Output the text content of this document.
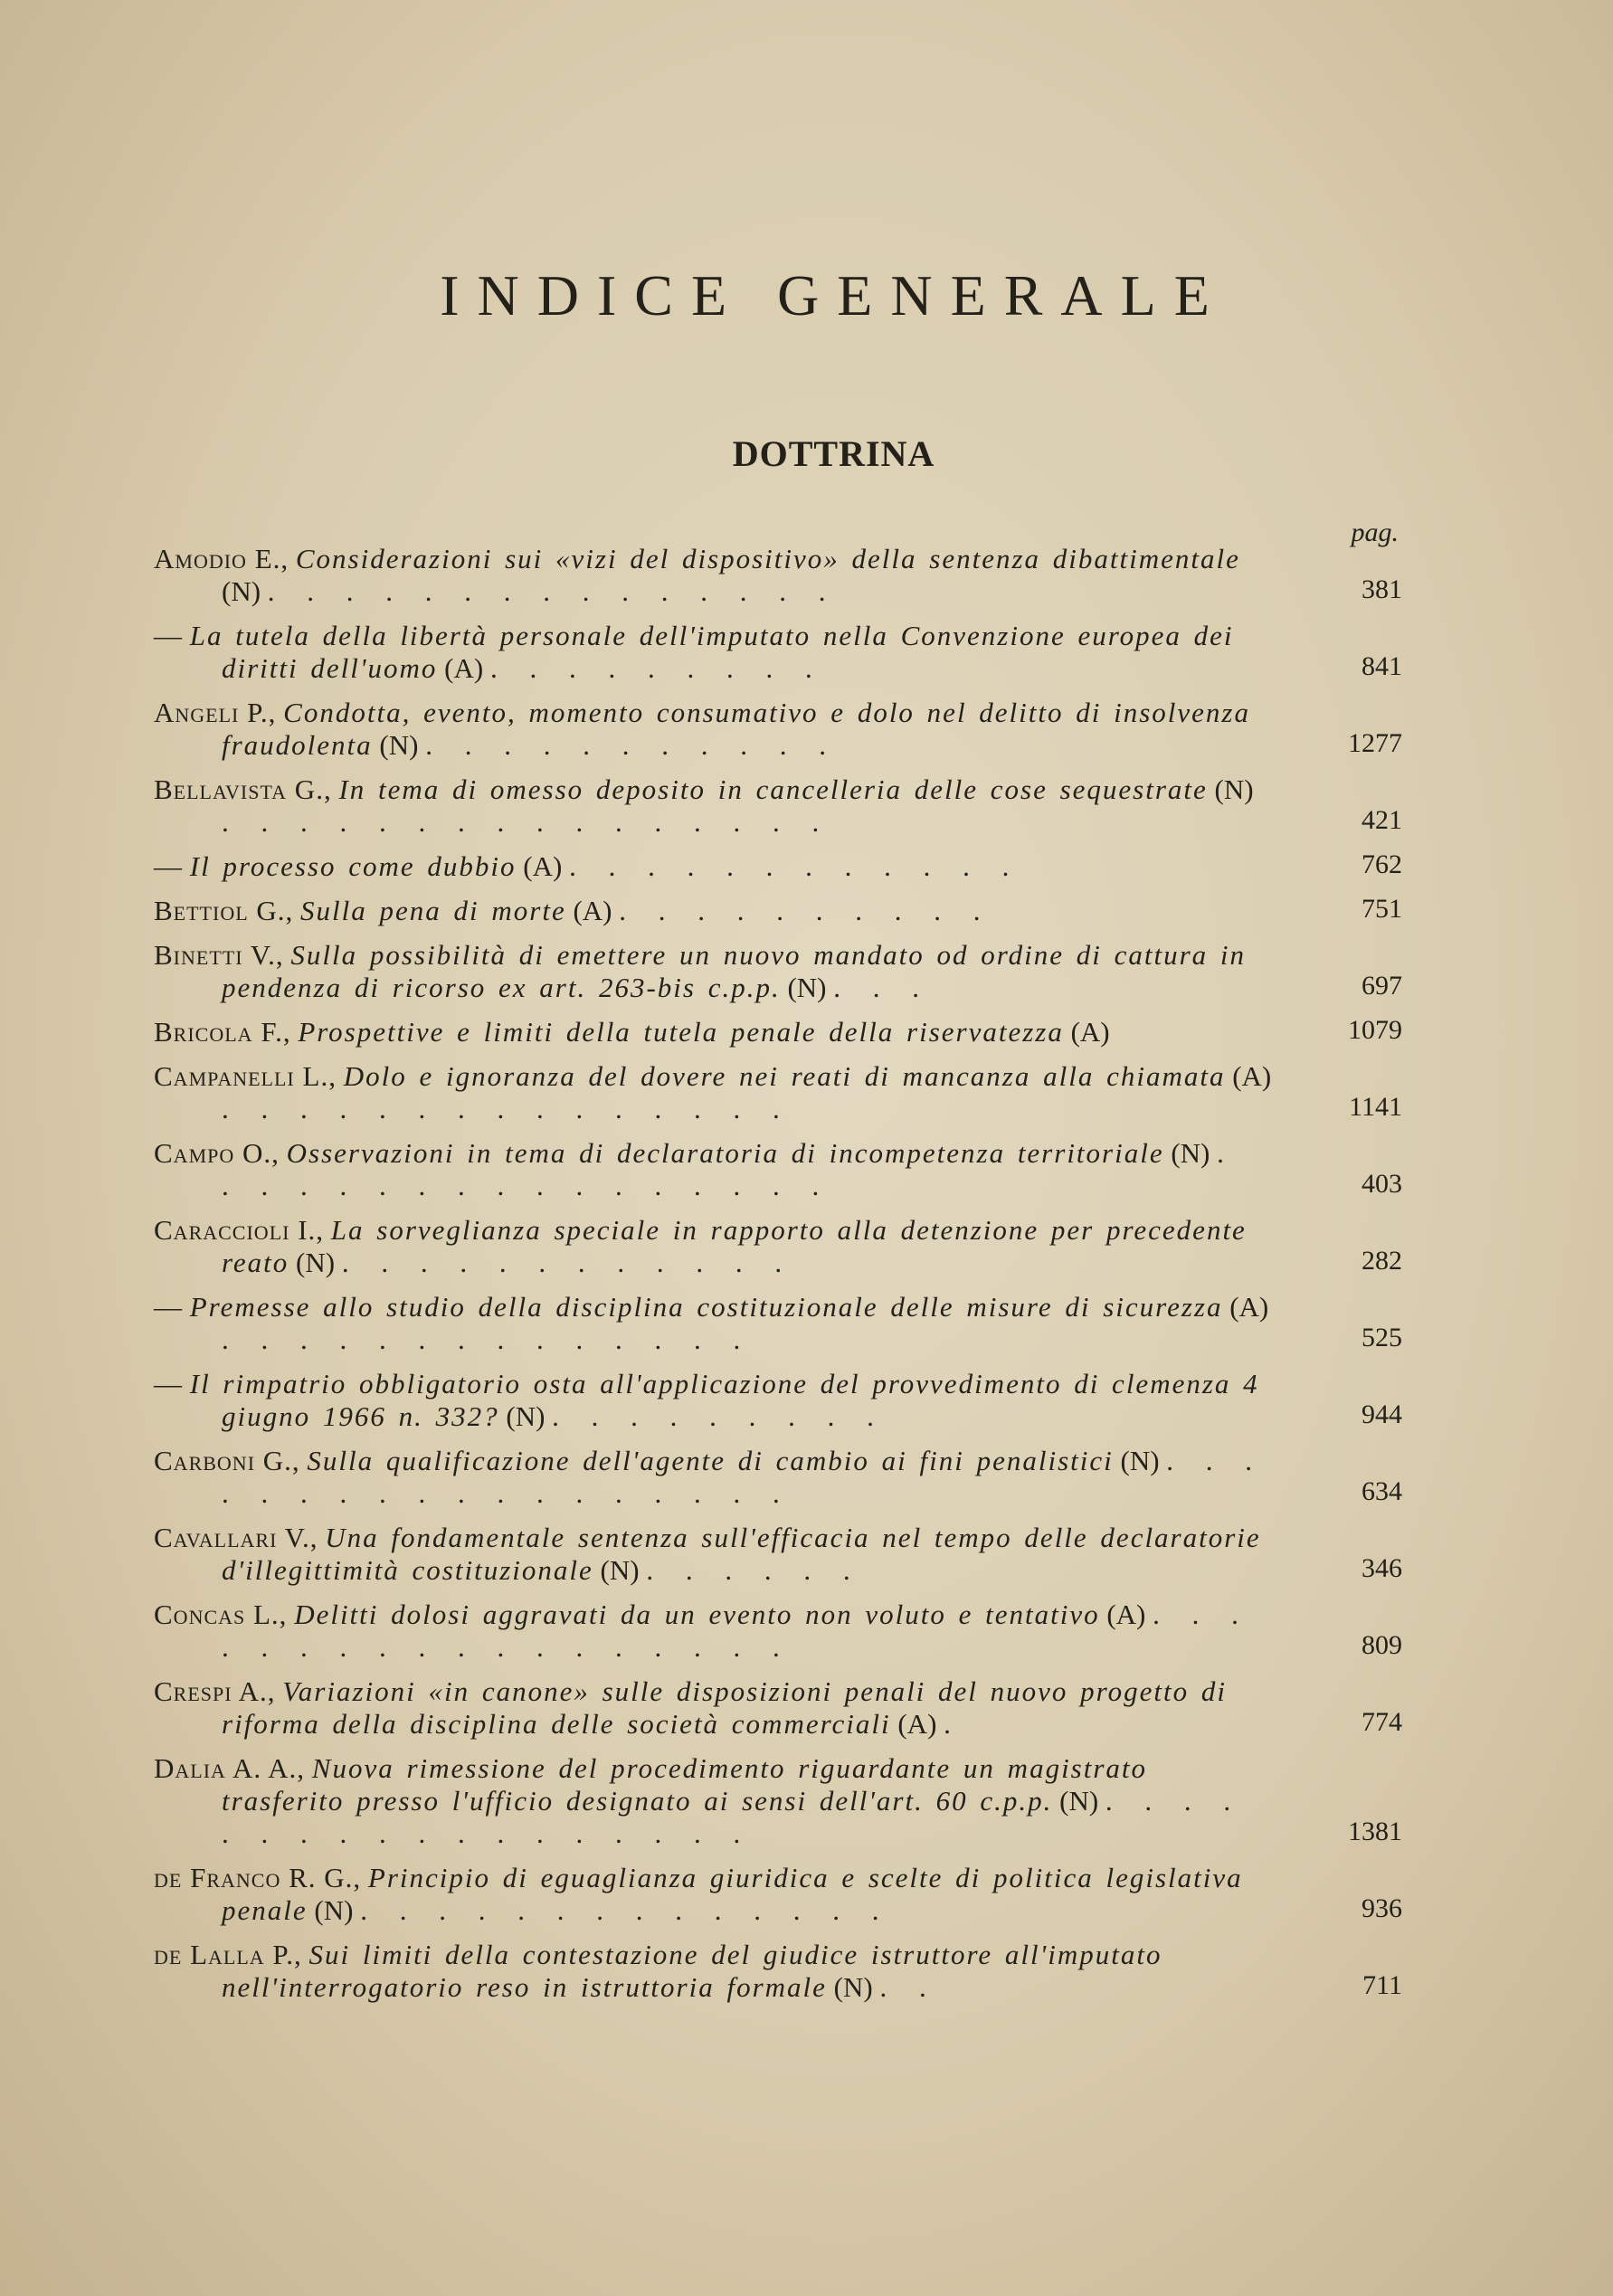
INDICE GENERALE
DOTTRINA
pag.
Amodio E., Considerazioni sui «vizi del dispositivo» della sentenza dibattimentale (N) . . . . . . . . . . . . . . .	381
— La tutela della libertà personale dell'imputato nella Convenzione europea dei diritti dell'uomo (A) . . . . . . . . .	841
Angeli P., Condotta, evento, momento consumativo e dolo nel delitto di insolvenza fraudolenta (N) . . . . . . . . . . .	1277
Bellavista G., In tema di omesso deposito in cancelleria delle cose sequestrate (N) . . . . . . . . . . . . . . . .	421
— Il processo come dubbio (A) . . . . . . . . . . . .	762
Bettiol G., Sulla pena di morte (A) . . . . . . . . . .	751
Binetti V., Sulla possibilità di emettere un nuovo mandato od ordine di cattura in pendenza di ricorso ex art. 263-bis c.p.p. (N) . . .	697
Bricola F., Prospettive e limiti della tutela penale della riservatezza (A)	1079
Campanelli L., Dolo e ignoranza del dovere nei reati di mancanza alla chiamata (A) . . . . . . . . . . . . . . .	1141
Campo O., Osservazioni in tema di declaratoria di incompetenza territoriale (N) . . . . . . . . . . . . . . . . .	403
Caraccioli I., La sorveglianza speciale in rapporto alla detenzione per precedente reato (N) . . . . . . . . . . . .	282
— Premesse allo studio della disciplina costituzionale delle misure di sicurezza (A) . . . . . . . . . . . . . .	525
— Il rimpatrio obbligatorio osta all'applicazione del provvedimento di clemenza 4 giugno 1966 n. 332? (N) . . . . . . . . .	944
Carboni G., Sulla qualificazione dell'agente di cambio ai fini penalistici (N) . . . . . . . . . . . . . . . . . .	634
Cavallari V., Una fondamentale sentenza sull'efficacia nel tempo delle declaratorie d'illegittimità costituzionale (N) . . . . . .	346
Concas L., Delitti dolosi aggravati da un evento non voluto e tentativo (A) . . . . . . . . . . . . . . . . . .	809
Crespi A., Variazioni «in canone» sulle disposizioni penali del nuovo progetto di riforma della disciplina delle società commerciali (A) .	774
Dalia A. A., Nuova rimessione del procedimento riguardante un magistrato trasferito presso l'ufficio designato ai sensi dell'art. 60 c.p.p. (N) . . . . . . . . . . . . . . . . . .	1381
de Franco R. G., Principio di eguaglianza giuridica e scelte di politica legislativa penale (N) . . . . . . . . . . . . . .	936
de Lalla P., Sui limiti della contestazione del giudice istruttore all'imputato nell'interrogatorio reso in istruttoria formale (N) . .	711
